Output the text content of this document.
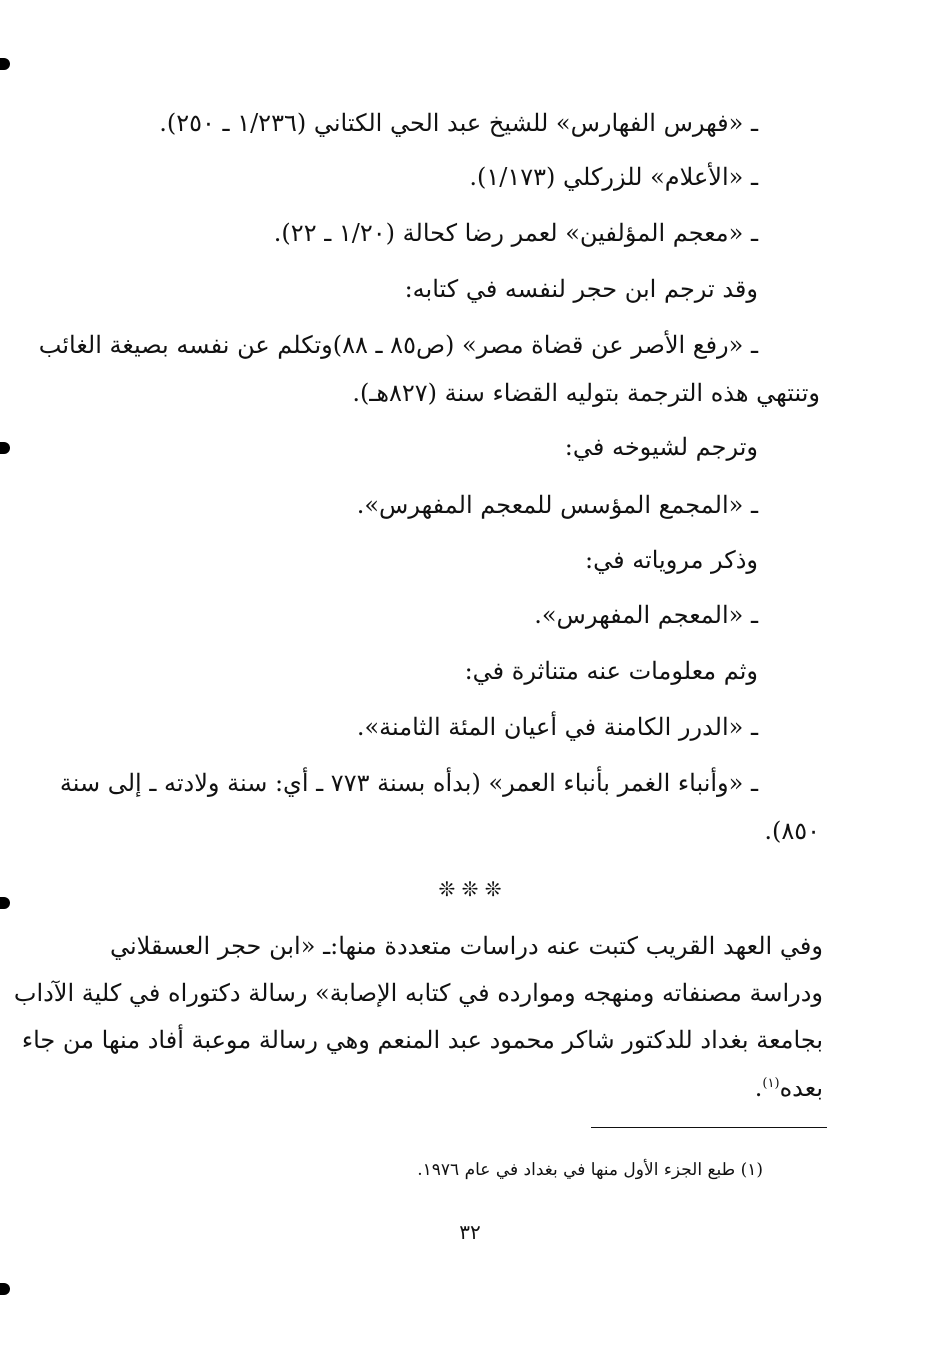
ـ «فهرس الفهارس» للشيخ عبد الحي الكتاني (١/٢٣٦ ـ ٢٥٠).
ـ «الأعلام» للزركلي (١/١٧٣).
ـ «معجم المؤلفين» لعمر رضا كحالة (١/٢٠ ـ ٢٢).
وقد ترجم ابن حجر لنفسه في كتابه:
ـ «رفع الأصر عن قضاة مصر» (ص٨٥ ـ ٨٨)وتكلم عن نفسه بصيغة الغائب
وتنتهي هذه الترجمة بتوليه القضاء سنة (٨٢٧هـ).
وترجم لشيوخه في:
ـ «المجمع المؤسس للمعجم المفهرس».
وذكر مروياته في:
ـ «المعجم المفهرس».
وثم معلومات عنه متناثرة في:
ـ «الدرر الكامنة في أعيان المئة الثامنة».
ـ «وأنباء الغمر بأنباء العمر» (بدأه بسنة ٧٧٣ ـ أي: سنة ولادته ـ إلى سنة
٨٥٠).
❊ ❊ ❊
وفي العهد القريب كتبت عنه دراسات متعددة منها:ـ «ابن حجر العسقلاني
ودراسة مصنفاته ومنهجه وموارده في كتابه الإصابة» رسالة دكتوراه في كلية الآداب
بجامعة بغداد للدكتور شاكر محمود عبد المنعم وهي رسالة موعبة أفاد منها من جاء
بعده$^{(١)}$.
(١) طبع الجزء الأول منها في بغداد في عام ١٩٧٦.
٣٢
